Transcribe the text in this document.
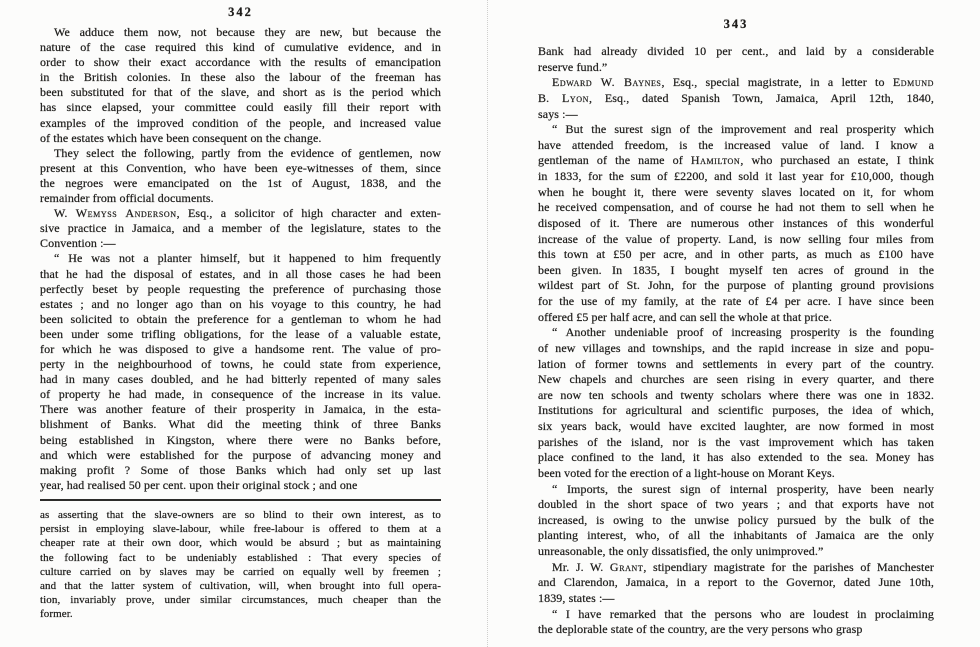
342
We adduce them now, not because they are new, but because the
nature of the case required this kind of cumulative evidence, and in
order to show their exact accordance with the results of emancipation
in the British colonies. In these also the labour of the freeman has
been substituted for that of the slave, and short as is the period which
has since elapsed, your committee could easily fill their report with
examples of the improved condition of the people, and increased value
of the estates which have been consequent on the change.
They select the following, partly from the evidence of gentlemen, now
present at this Convention, who have been eye-witnesses of them, since
the negroes were emancipated on the 1st of August, 1838, and the
remainder from official documents.
W. Wemyss Anderson, Esq., a solicitor of high character and exten-
sive practice in Jamaica, and a member of the legislature, states to the
Convention :—
“ He was not a planter himself, but it happened to him frequently
that he had the disposal of estates, and in all those cases he had been
perfectly beset by people requesting the preference of purchasing those
estates ; and no longer ago than on his voyage to this country, he had
been solicited to obtain the preference for a gentleman to whom he had
been under some trifling obligations, for the lease of a valuable estate,
for which he was disposed to give a handsome rent. The value of pro-
perty in the neighbourhood of towns, he could state from experience,
had in many cases doubled, and he had bitterly repented of many sales
of property he had made, in consequence of the increase in its value.
There was another feature of their prosperity in Jamaica, in the esta-
blishment of Banks. What did the meeting think of three Banks
being established in Kingston, where there were no Banks before,
and which were established for the purpose of advancing money and
making profit ? Some of those Banks which had only set up last
year, had realised 50 per cent. upon their original stock ; and one
as asserting that the slave-owners are so blind to their own interest, as to
persist in employing slave-labour, while free-labour is offered to them at a
cheaper rate at their own door, which would be absurd ; but as maintaining
the following fact to be undeniably established : That every species of
culture carried on by slaves may be carried on equally well by freemen ;
and that the latter system of cultivation, will, when brought into full opera-
tion, invariably prove, under similar circumstances, much cheaper than the
former.
343
Bank had already divided 10 per cent., and laid by a considerable
reserve fund.”
Edward W. Baynes, Esq., special magistrate, in a letter to Edmund
B. Lyon, Esq., dated Spanish Town, Jamaica, April 12th, 1840,
says :—
“ But the surest sign of the improvement and real prosperity which
have attended freedom, is the increased value of land. I know a
gentleman of the name of Hamilton, who purchased an estate, I think
in 1833, for the sum of £2200, and sold it last year for £10,000, though
when he bought it, there were seventy slaves located on it, for whom
he received compensation, and of course he had not them to sell when he
disposed of it. There are numerous other instances of this wonderful
increase of the value of property. Land, is now selling four miles from
this town at £50 per acre, and in other parts, as much as £100 have
been given. In 1835, I bought myself ten acres of ground in the
wildest part of St. John, for the purpose of planting ground provisions
for the use of my family, at the rate of £4 per acre. I have since been
offered £5 per half acre, and can sell the whole at that price.
“ Another undeniable proof of increasing prosperity is the founding
of new villages and townships, and the rapid increase in size and popu-
lation of former towns and settlements in every part of the country.
New chapels and churches are seen rising in every quarter, and there
are now ten schools and twenty scholars where there was one in 1832.
Institutions for agricultural and scientific purposes, the idea of which,
six years back, would have excited laughter, are now formed in most
parishes of the island, nor is the vast improvement which has taken
place confined to the land, it has also extended to the sea. Money has
been voted for the erection of a light-house on Morant Keys.
“ Imports, the surest sign of internal prosperity, have been nearly
doubled in the short space of two years ; and that exports have not
increased, is owing to the unwise policy pursued by the bulk of the
planting interest, who, of all the inhabitants of Jamaica are the only
unreasonable, the only dissatisfied, the only unimproved.”
Mr. J. W. Grant, stipendiary magistrate for the parishes of Manchester
and Clarendon, Jamaica, in a report to the Governor, dated June 10th,
1839, states :—
“ I have remarked that the persons who are loudest in proclaiming
the deplorable state of the country, are the very persons who grasp
